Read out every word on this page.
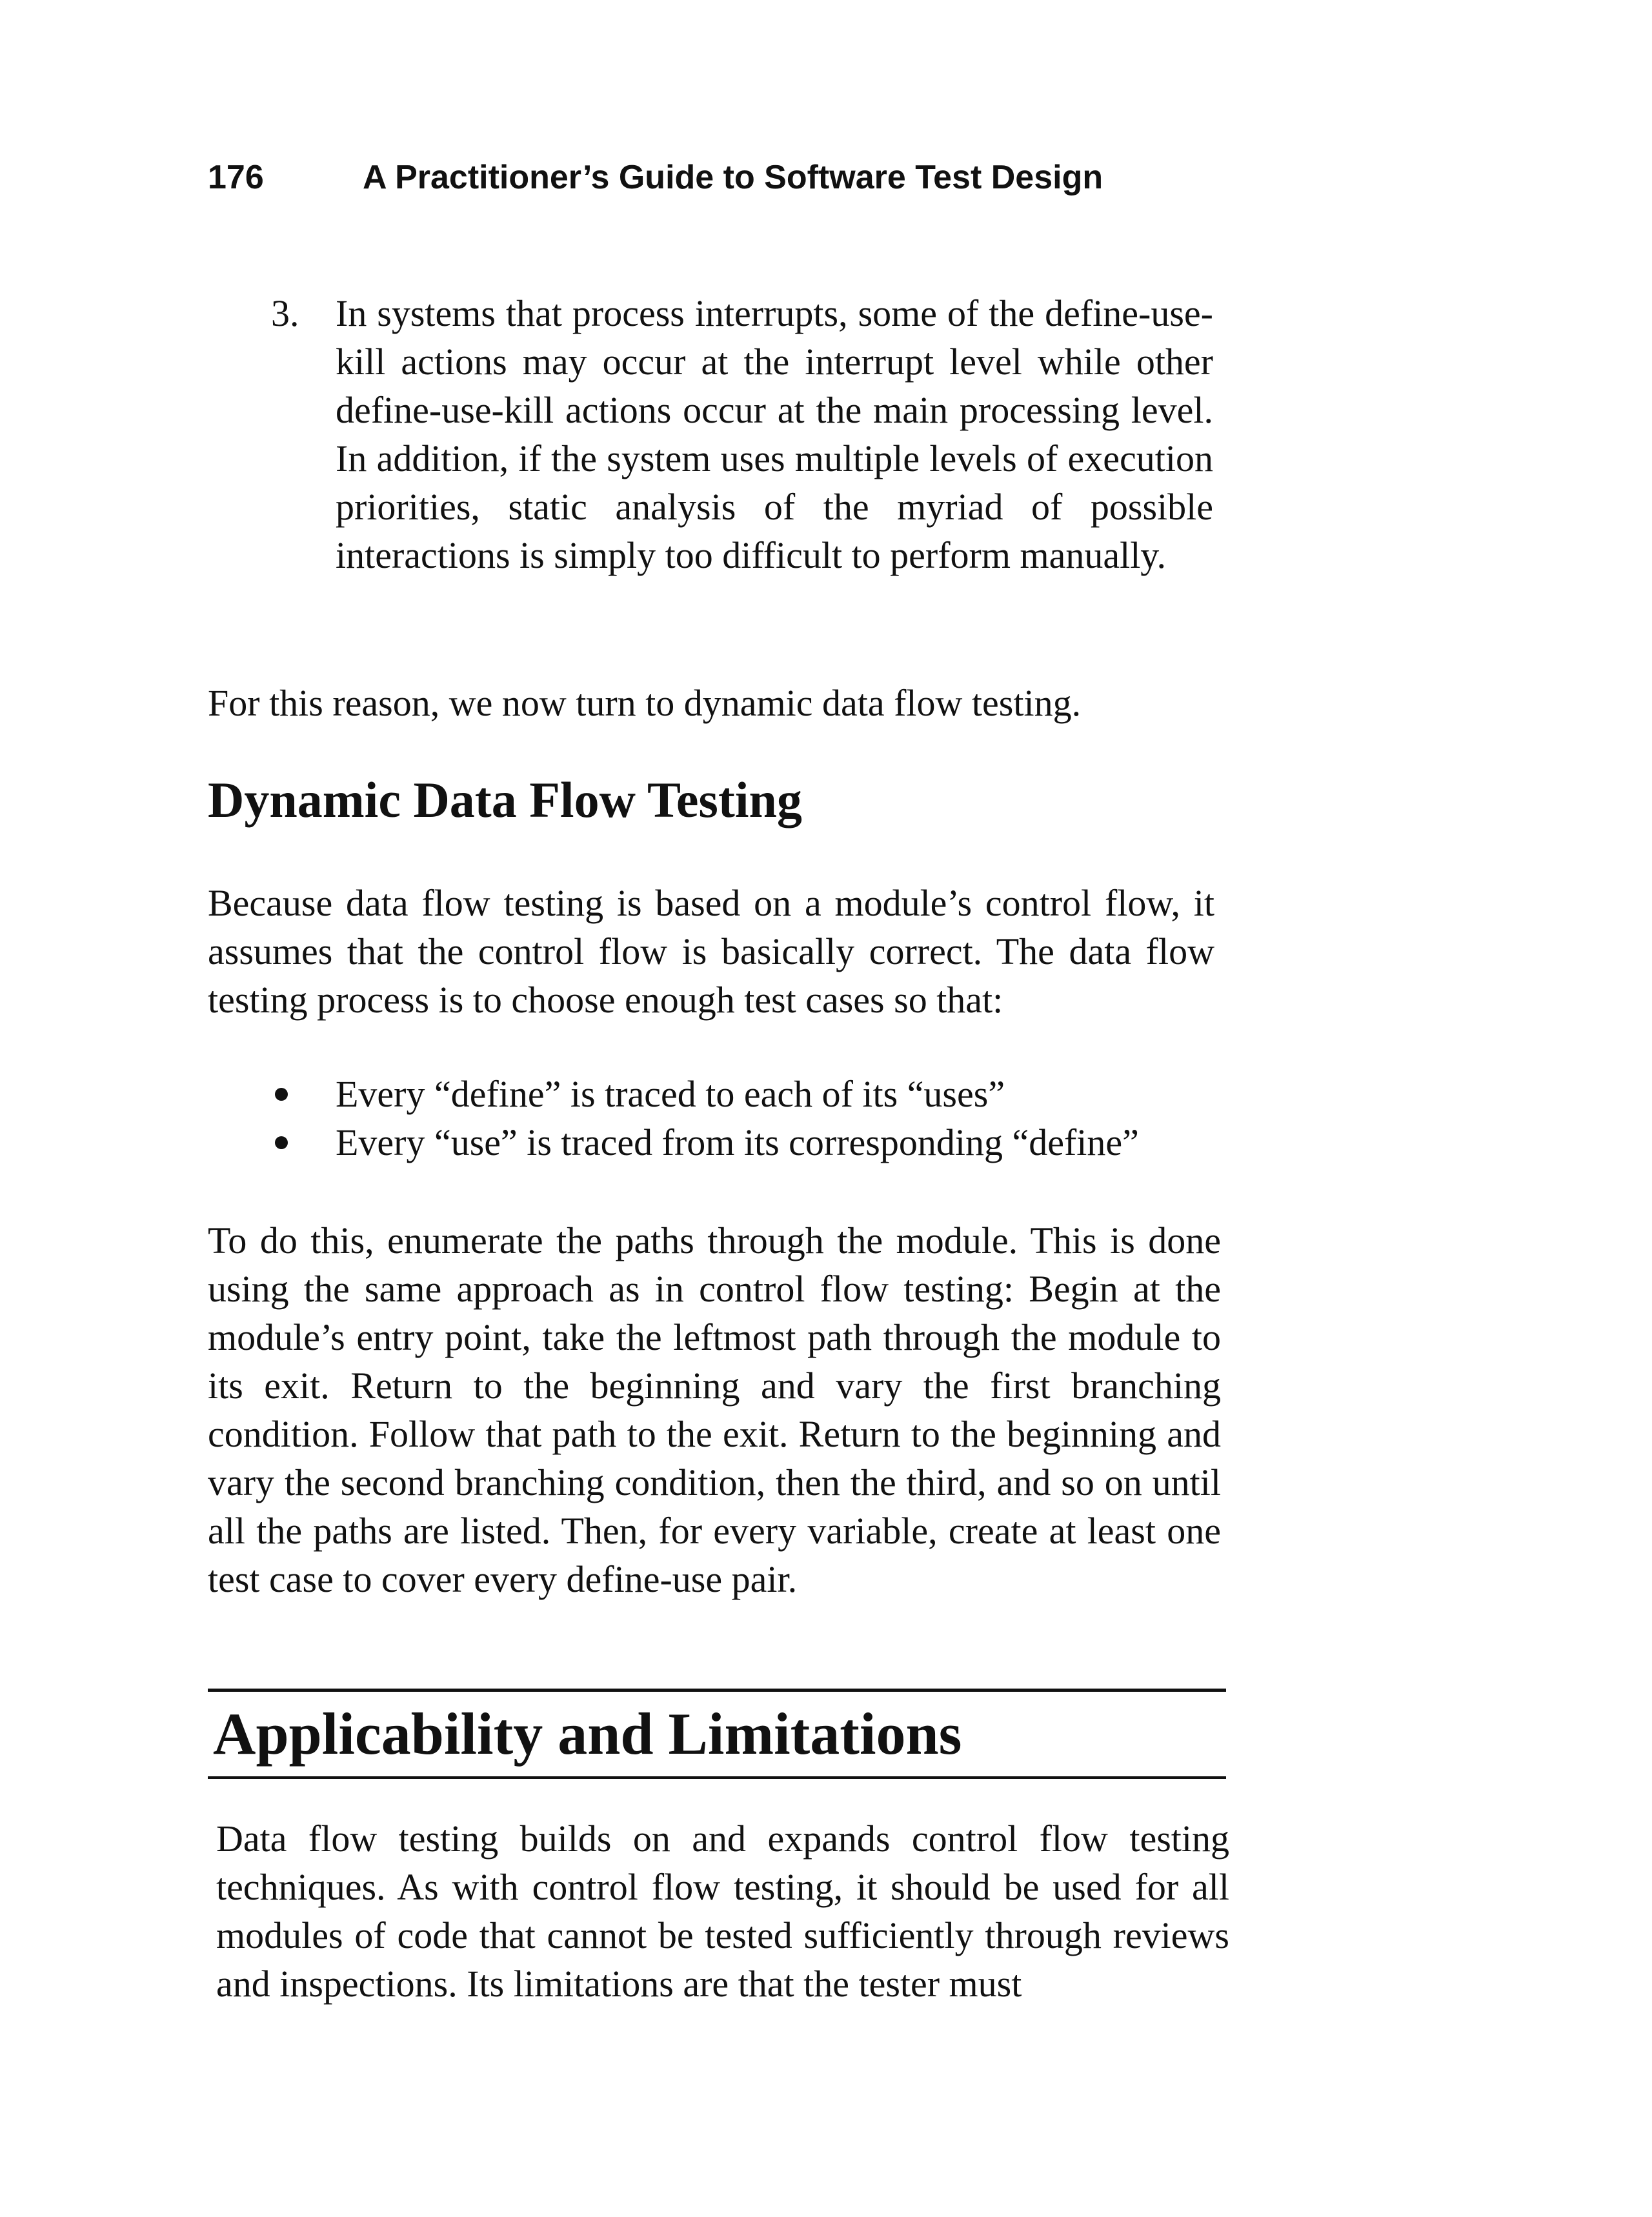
176	A Practitioner’s Guide to Software Test Design
3. In systems that process interrupts, some of the define-use-kill actions may occur at the interrupt level while other define-use-kill actions occur at the main processing level. In addition, if the system uses multiple levels of execution priorities, static analysis of the myriad of possible interactions is simply too difficult to perform manually.

For this reason, we now turn to dynamic data flow testing.

Dynamic Data Flow Testing

Because data flow testing is based on a module’s control flow, it assumes that the control flow is basically correct. The data flow testing process is to choose enough test cases so that:

Every “define” is traced to each of its “uses”
Every “use” is traced from its corresponding “define”

To do this, enumerate the paths through the module. This is done using the same approach as in control flow testing: Begin at the module’s entry point, take the leftmost path through the module to its exit. Return to the beginning and vary the first branching condition. Follow that path to the exit. Return to the beginning and vary the second branching condition, then the third, and so on until all the paths are listed. Then, for every variable, create at least one test case to cover every define-use pair.

Applicability and Limitations

Data flow testing builds on and expands control flow testing techniques. As with control flow testing, it should be used for all modules of code that cannot be tested sufficiently through reviews and inspections. Its limitations are that the tester must
